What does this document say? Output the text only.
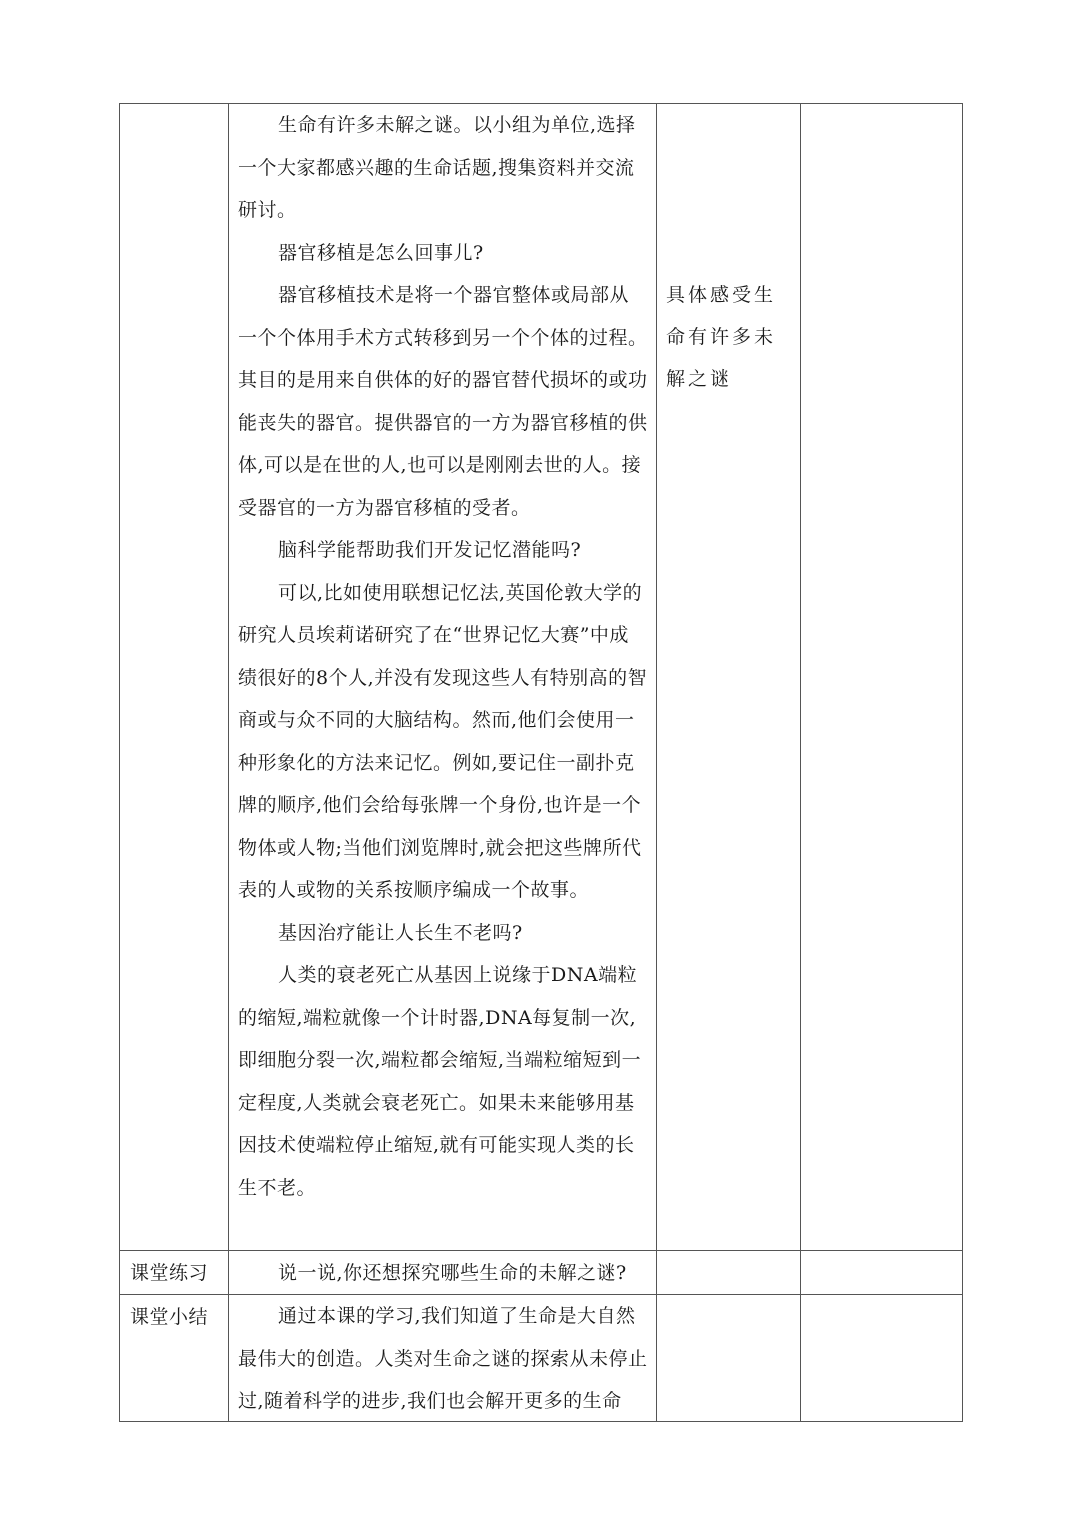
生命有许多未解之谜。以小组为单位,选择一个大家都感兴趣的生命话题,搜集资料并交流研讨。

器官移植是怎么回事儿?

器官移植技术是将一个器官整体或局部从一个个体用手术方式转移到另一个个体的过程。其目的是用来自供体的好的器官替代损坏的或功能丧失的器官。提供器官的一方为器官移植的供体,可以是在世的人,也可以是刚刚去世的人。接受器官的一方为器官移植的受者。

脑科学能帮助我们开发记忆潜能吗?

可以,比如使用联想记忆法,英国伦敦大学的研究人员埃莉诺研究了在“世界记忆大赛”中成绩很好的8个人,并没有发现这些人有特别高的智商或与众不同的大脑结构。然而,他们会使用一种形象化的方法来记忆。例如,要记住一副扑克牌的顺序,他们会给每张牌一个身份,也许是一个物体或人物;当他们浏览牌时,就会把这些牌所代表的人或物的关系按顺序编成一个故事。

基因治疗能让人长生不老吗?

人类的衰老死亡从基因上说缘于DNA端粒的缩短,端粒就像一个计时器,DNA每复制一次,即细胞分裂一次,端粒都会缩短,当端粒缩短到一定程度,人类就会衰老死亡。如果未来能够用基因技术使端粒停止缩短,就有可能实现人类的长生不老。

具体感受生命有许多未解之谜
课堂练习	说一说,你还想探究哪些生命的未解之谜?

课堂小结	通过本课的学习,我们知道了生命是大自然最伟大的创造。人类对生命之谜的探索从未停止过,随着科学的进步,我们也会解开更多的生命
